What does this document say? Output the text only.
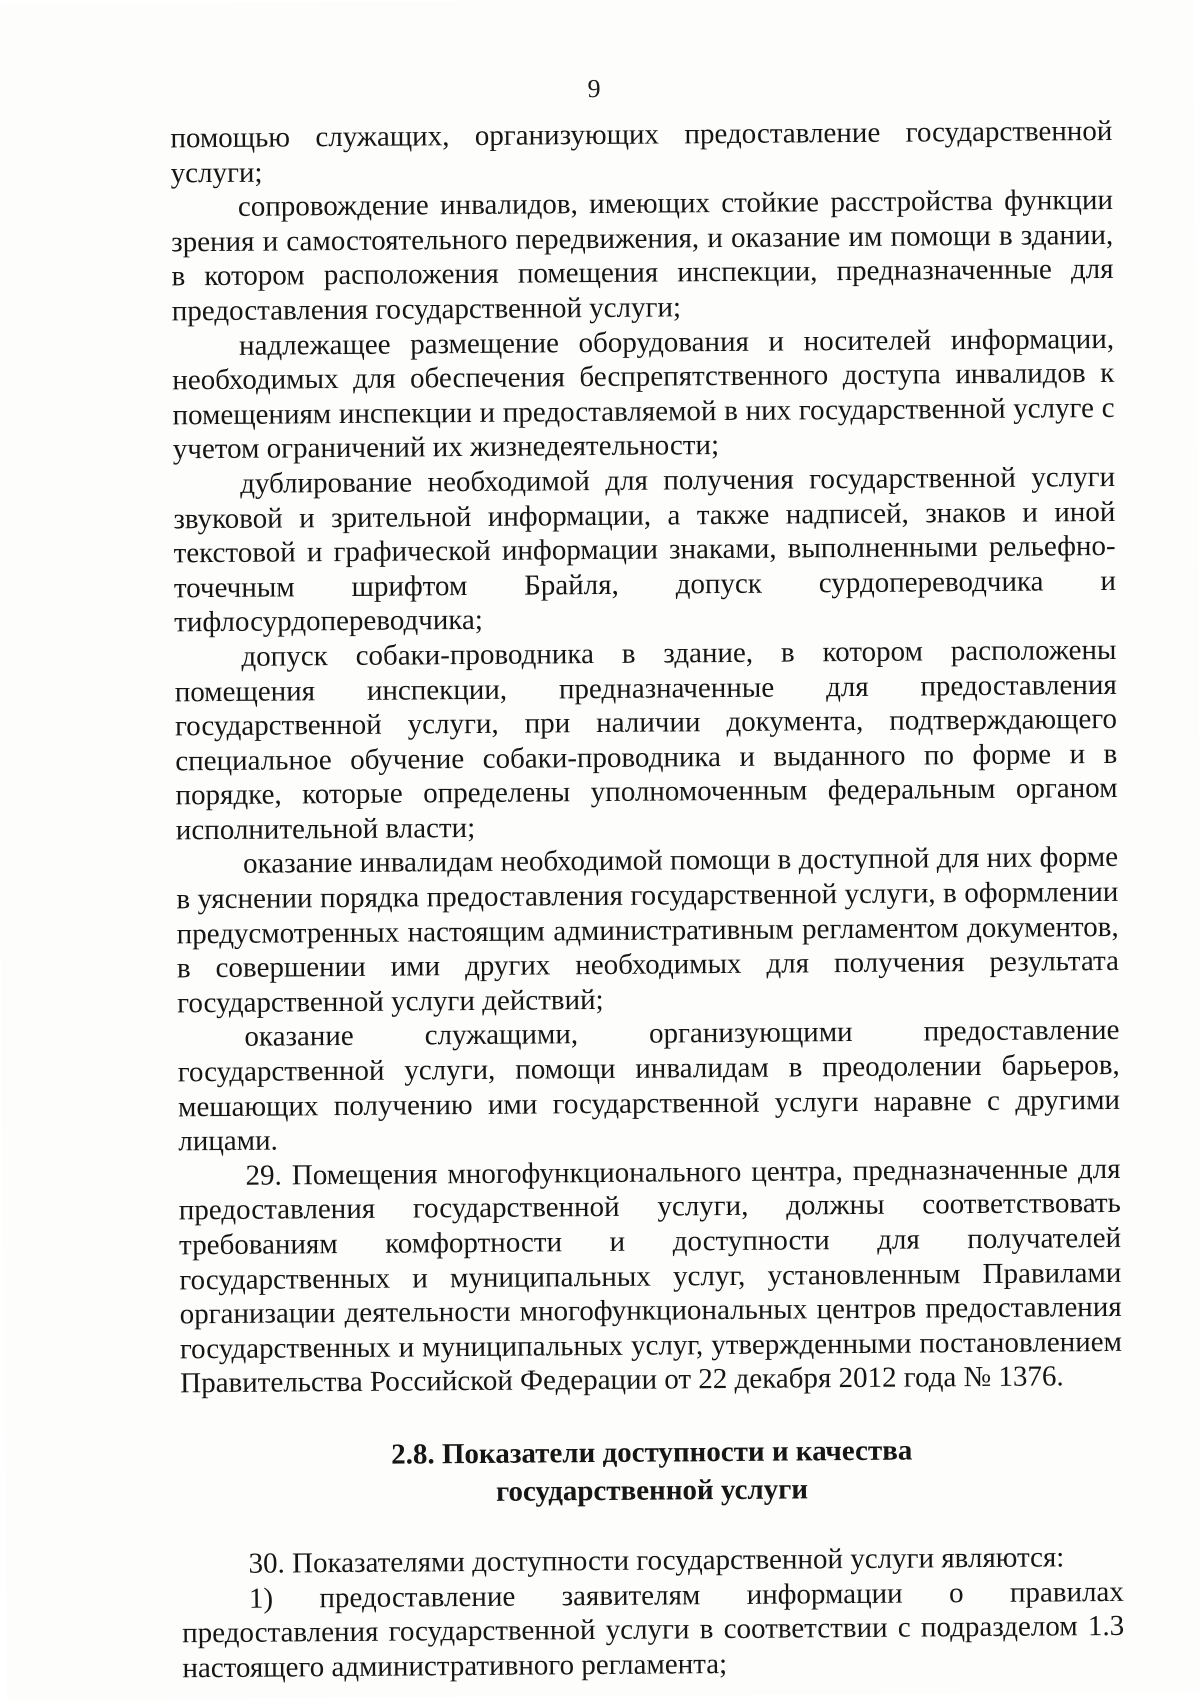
9

помощью служащих, организующих предоставление государственной услуги;

сопровождение инвалидов, имеющих стойкие расстройства функции зрения и самостоятельного передвижения, и оказание им помощи в здании, в котором расположения помещения инспекции, предназначенные для предоставления государственной услуги;

надлежащее размещение оборудования и носителей информации, необходимых для обеспечения беспрепятственного доступа инвалидов к помещениям инспекции и предоставляемой в них государственной услуге с учетом ограничений их жизнедеятельности;

дублирование необходимой для получения государственной услуги звуковой и зрительной информации, а также надписей, знаков и иной текстовой и графической информации знаками, выполненными рельефно-точечным шрифтом Брайля, допуск сурдопереводчика и тифлосурдопереводчика;

допуск собаки-проводника в здание, в котором расположены помещения инспекции, предназначенные для предоставления государственной услуги, при наличии документа, подтверждающего специальное обучение собаки-проводника и выданного по форме и в порядке, которые определены уполномоченным федеральным органом исполнительной власти;

оказание инвалидам необходимой помощи в доступной для них форме в уяснении порядка предоставления государственной услуги, в оформлении предусмотренных настоящим административным регламентом документов, в совершении ими других необходимых для получения результата государственной услуги действий;

оказание служащими, организующими предоставление государственной услуги, помощи инвалидам в преодолении барьеров, мешающих получению ими государственной услуги наравне с другими лицами.

29. Помещения многофункционального центра, предназначенные для предоставления государственной услуги, должны соответствовать требованиям комфортности и доступности для получателей государственных и муниципальных услуг, установленным Правилами организации деятельности многофункциональных центров предоставления государственных и муниципальных услуг, утвержденными постановлением Правительства Российской Федерации от 22 декабря 2012 года № 1376.

2.8. Показатели доступности и качества
государственной услуги

30. Показателями доступности государственной услуги являются:

1) предоставление заявителям информации о правилах предоставления государственной услуги в соответствии с подразделом 1.3 настоящего административного регламента;
